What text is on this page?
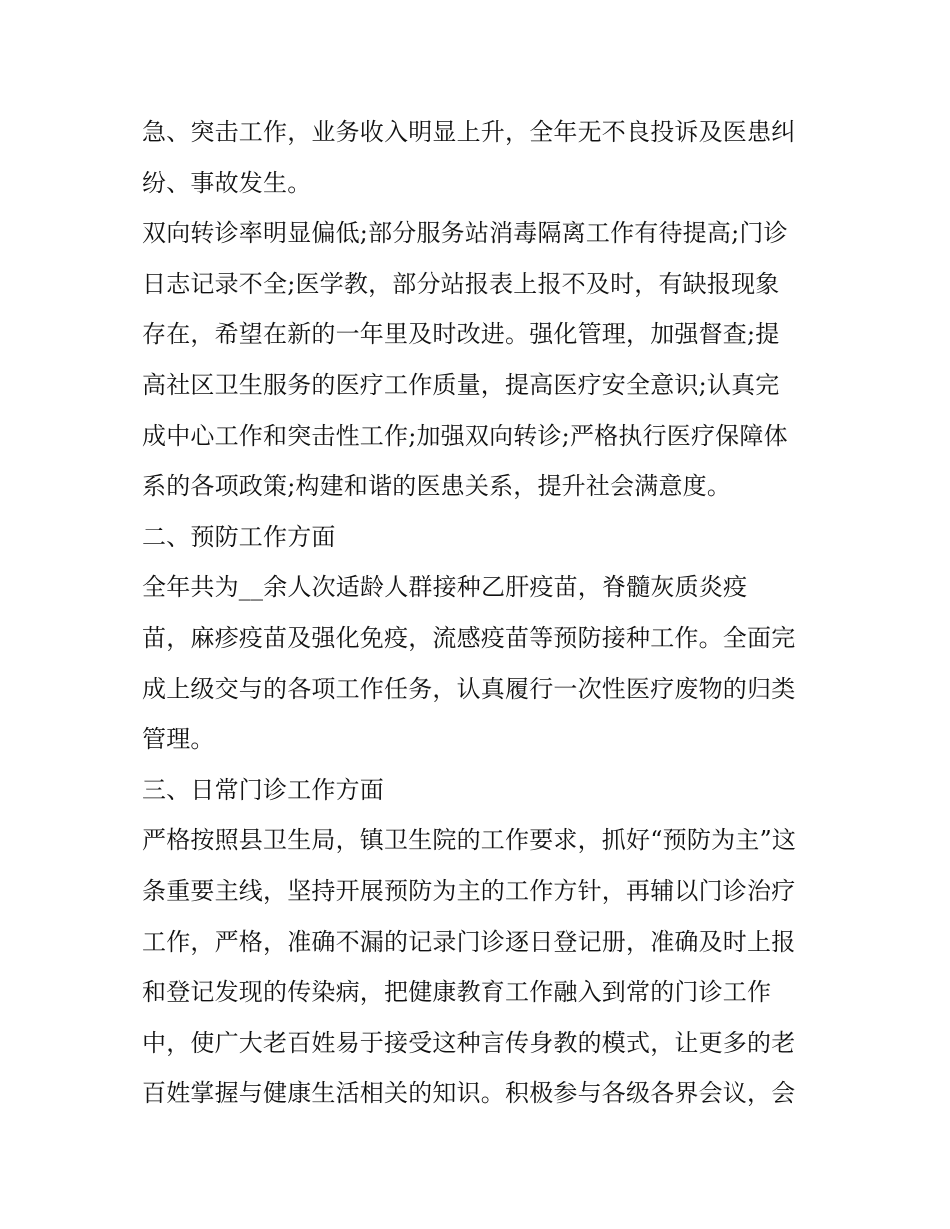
急、突击工作，业务收入明显上升，全年无不良投诉及医患纠
纷、事故发生。
双向转诊率明显偏低;部分服务站消毒隔离工作有待提高;门诊
日志记录不全;医学教，部分站报表上报不及时，有缺报现象
存在，希望在新的一年里及时改进。强化管理，加强督查;提
高社区卫生服务的医疗工作质量，提高医疗安全意识;认真完
成中心工作和突击性工作;加强双向转诊;严格执行医疗保障体
系的各项政策;构建和谐的医患关系，提升社会满意度。
二、预防工作方面
全年共为__余人次适龄人群接种乙肝疫苗，脊髓灰质炎疫
苗，麻疹疫苗及强化免疫，流感疫苗等预防接种工作。全面完
成上级交与的各项工作任务，认真履行一次性医疗废物的归类
管理。
三、日常门诊工作方面
严格按照县卫生局，镇卫生院的工作要求，抓好“预防为主”这
条重要主线，坚持开展预防为主的工作方针，再辅以门诊治疗
工作，严格，准确不漏的记录门诊逐日登记册，准确及时上报
和登记发现的传染病，把健康教育工作融入到常的门诊工作
中，使广大老百姓易于接受这种言传身教的模式，让更多的老
百姓掌握与健康生活相关的知识。积极参与各级各界会议，会
